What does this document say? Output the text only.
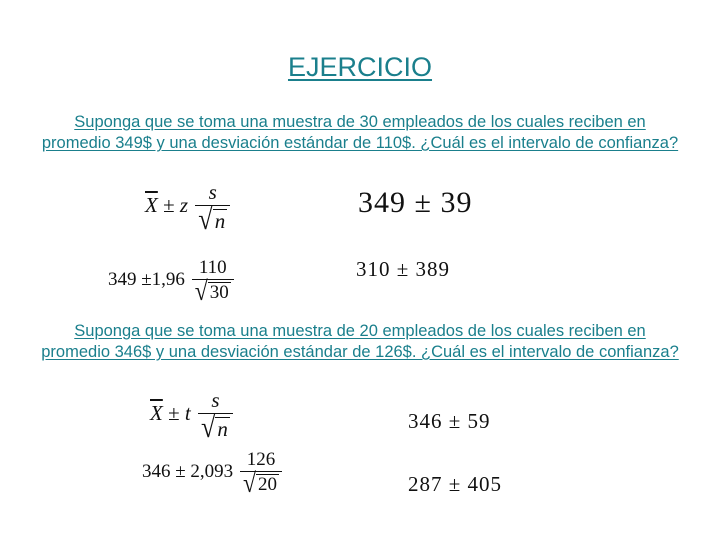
EJERCICIO
Suponga que se toma una muestra de 30 empleados de los cuales reciben en promedio 349$ y una desviación estándar de 110$. ¿Cuál es el intervalo de confianza?
$\overline{X} \pm z \frac{s}{√ n}$
$349 \pm 1,96 \frac{110}{√ 30}$
349 ± 39
310 ± 389
Suponga que se toma una muestra de 20 empleados de los cuales reciben en promedio 346$ y una desviación estándar de 126$. ¿Cuál es el intervalo de confianza?
$\overline{X} \pm t \frac{s}{√ n}$
$346 \pm 2,093 \frac{126}{√ 20}$
346 ± 59
287 ± 405
